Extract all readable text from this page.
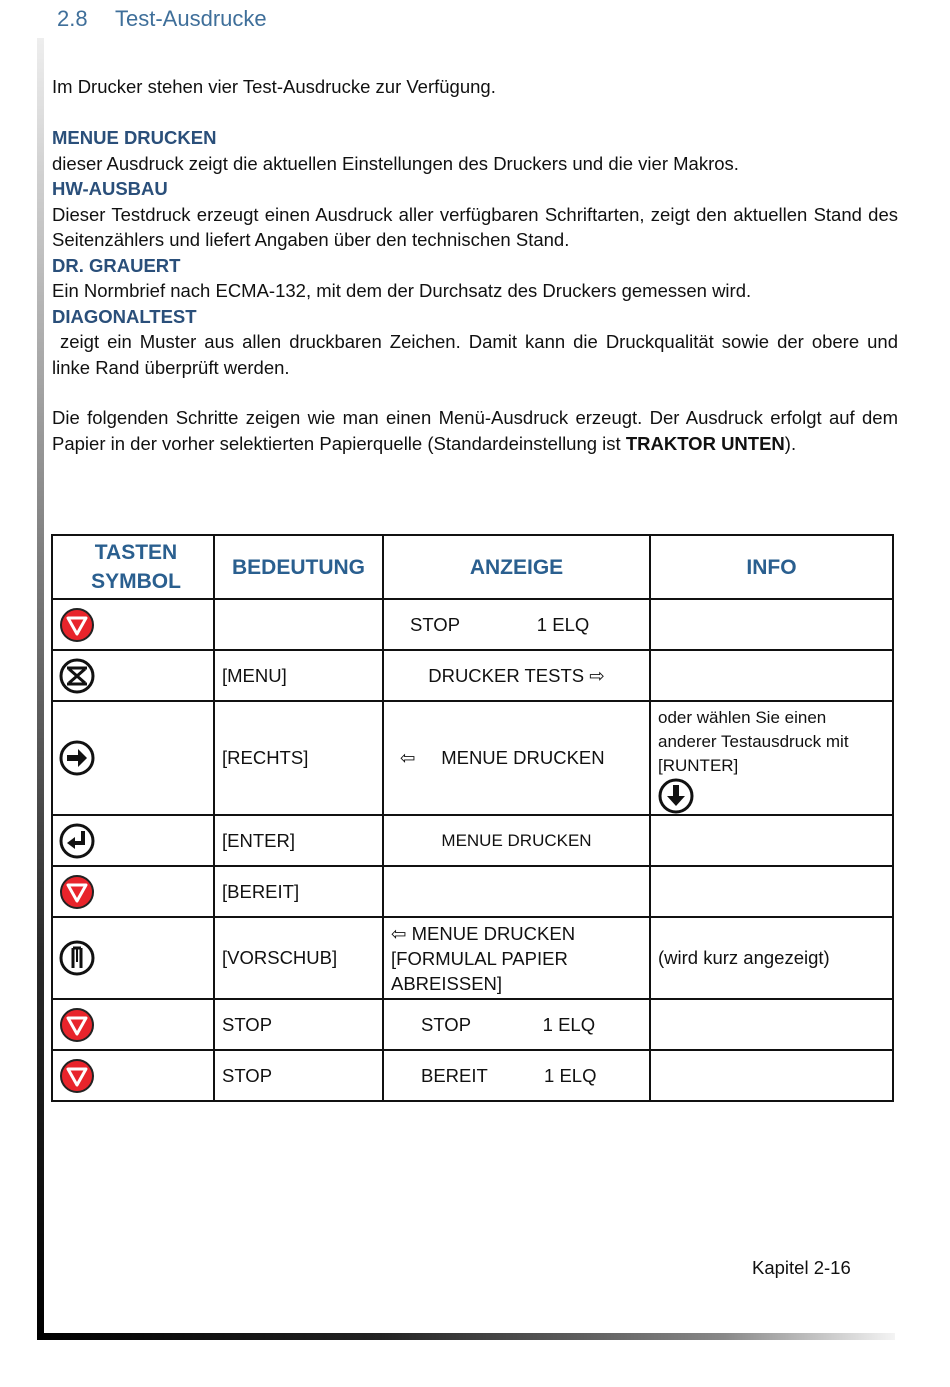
2.8 Test-Ausdrucke

Im Drucker stehen vier Test-Ausdrucke zur Verfügung.

MENUE DRUCKEN

dieser Ausdruck zeigt die aktuellen Einstellungen des Druckers und die vier Makros.

HW-AUSBAU

Dieser Testdruck erzeugt einen Ausdruck aller verfügbaren Schriftarten, zeigt den aktuellen Stand des Seitenzählers und liefert Angaben über den technischen Stand.

DR. GRAUERT

Ein Normbrief nach ECMA-132, mit dem der Durchsatz des Druckers gemessen wird.

DIAGONALTEST

zeigt ein Muster aus allen druckbaren Zeichen. Damit kann die Druckqualität sowie der obere und linke Rand überprüft werden.

Die folgenden Schritte zeigen wie man einen Menü-Ausdruck erzeugt. Der Ausdruck erfolgt auf dem Papier in der vorher selektierten Papierquelle (Standardeinstellung ist TRAKTOR UNTEN).

TASTEN
SYMBOL	BEDEUTUNG	ANZEIGE	INFO

		STOP               1 ELQ	

	[MENU]	DRUCKER TESTS ⇨	

	[RECHTS]	⇦     MENUE DRUCKEN	oder wählen Sie einen anderer Testausdruck mit [RUNTER]

	[ENTER]	MENUE DRUCKEN	

	[BEREIT]		

	[VORSCHUB]	⇦ MENUE DRUCKEN
[FORMULAL PAPIER
ABREISSEN]	(wird kurz angezeigt)

	STOP	STOP              1 ELQ	

	STOP	BEREIT           1 ELQ	
Kapitel 2-16
